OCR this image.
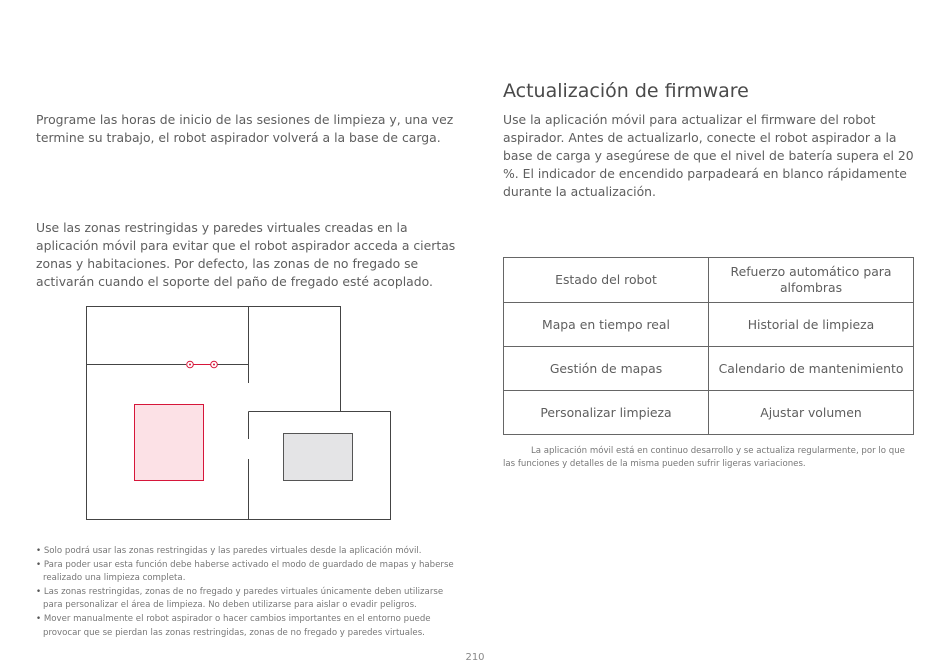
Programe las horas de inicio de las sesiones de limpieza y, una vez termine su trabajo, el robot aspirador volverá a la base de carga.

Use las zonas restringidas y paredes virtuales creadas en la aplicación móvil para evitar que el robot aspirador acceda a ciertas zonas y habitaciones. Por defecto, las zonas de no fregado se activarán cuando el soporte del paño de fregado esté acoplado.

• Solo podrá usar las zonas restringidas y las paredes virtuales desde la aplicación móvil.
• Para poder usar esta función debe haberse activado el modo de guardado de mapas y haberse realizado una limpieza completa.
• Las zonas restringidas, zonas de no fregado y paredes virtuales únicamente deben utilizarse para personalizar el área de limpieza. No deben utilizarse para aislar o evadir peligros.
• Mover manualmente el robot aspirador o hacer cambios importantes en el entorno puede provocar que se pierdan las zonas restringidas, zonas de no fregado y paredes virtuales.
Actualización de firmware

Use la aplicación móvil para actualizar el firmware del robot aspirador. Antes de actualizarlo, conecte el robot aspirador a la base de carga y asegúrese de que el nivel de batería supera el 20 %. El indicador de encendido parpadeará en blanco rápidamente durante la actualización.

Estado del robot	Refuerzo automático para alfombras
Mapa en tiempo real	Historial de limpieza
Gestión de mapas	Calendario de mantenimiento
Personalizar limpieza	Ajustar volumen

La aplicación móvil está en continuo desarrollo y se actualiza regularmente, por lo que las funciones y detalles de la misma pueden sufrir ligeras variaciones.

210
